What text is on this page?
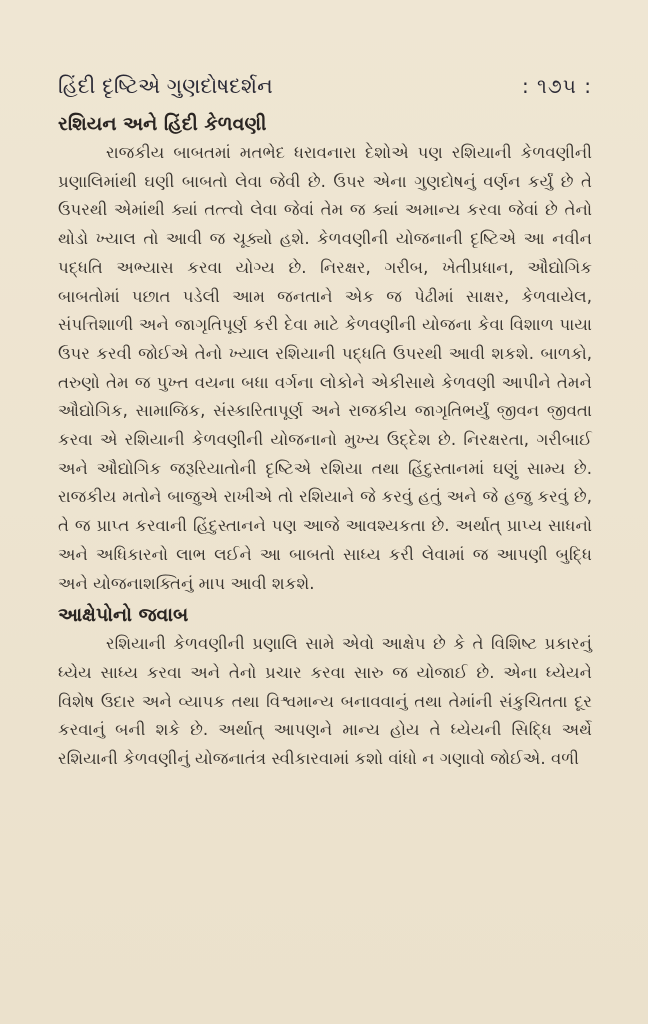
હિંદી દૃષ્ટિએ ગુણદોષદર્શન	: ૧૭૫ :
રશિયન અને હિંદી કેળવણી

રાજકીય બાબતમાં મતભેદ ધરાવનારા દેશોએ પણ રશિયાની કેળવણીની પ્રણાલિમાંથી ઘણી બાબતો લેવા જેવી છે. ઉપર એના ગુણદોષનું વર્ણન કર્યું છે તે ઉપરથી એમાંથી ક્યાં તત્ત્વો લેવા જેવાં તેમ જ ક્યાં અમાન્ય કરવા જેવાં છે તેનો થોડો ખ્યાલ તો આવી જ ચૂક્યો હશે. કેળવણીની યોજનાની દૃષ્ટિએ આ નવીન પદ્ધતિ અભ્યાસ કરવા યોગ્ય છે. નિરક્ષર, ગરીબ, ખેતીપ્રધાન, ઔદ્યોગિક બાબતોમાં પછાત પડેલી આમ જનતાને એક જ પેઢીમાં સાક્ષર, કેળવાયેલ, સંપત્તિશાળી અને જાગૃતિપૂર્ણ કરી દેવા માટે કેળવણીની યોજના કેવા વિશાળ પાયા ઉપર કરવી જોઈએ તેનો ખ્યાલ રશિયાની પદ્ધતિ ઉપરથી આવી શકશે. બાળકો, તરુણો તેમ જ પુખ્ત વયના બધા વર્ગના લોકોને એકીસાથે કેળવણી આપીને તેમને ઔદ્યોગિક, સામાજિક, સંસ્કારિતાપૂર્ણ અને રાજકીય જાગૃતિભર્યું જીવન જીવતા કરવા એ રશિયાની કેળવણીની યોજનાનો મુખ્ય ઉદ્દેશ છે. નિરક્ષરતા, ગરીબાઈ અને ઔદ્યોગિક જરૂરિયાતોની દૃષ્ટિએ રશિયા તથા હિંદુસ્તાનમાં ઘણું સામ્ય છે. રાજકીય મતોને બાજુએ રાખીએ તો રશિયાને જે કરવું હતું અને જે હજુ કરવું છે, તે જ પ્રાપ્ત કરવાની હિંદુસ્તાનને પણ આજે આવશ્યકતા છે. અર્થાત્ પ્રાપ્ય સાધનો અને અધિકારનો લાભ લઈને આ બાબતો સાધ્ય કરી લેવામાં જ આપણી બુદ્ધિ અને યોજનાશક્તિનું માપ આવી શકશે.

આક્ષેપોનો જવાબ

રશિયાની કેળવણીની પ્રણાલિ સામે એવો આક્ષેપ છે કે તે વિશિષ્ટ પ્રકારનું ધ્યેય સાધ્ય કરવા અને તેનો પ્રચાર કરવા સારુ જ યોજાઈ છે. એના ધ્યેયને વિશેષ ઉદાર અને વ્યાપક તથા વિશ્વમાન્ય બનાવવાનું તથા તેમાંની સંકુચિતતા દૂર કરવાનું બની શકે છે. અર્થાત્ આપણને માન્ય હોય તે ધ્યેયની સિદ્ધિ અર્થે રશિયાની કેળવણીનું યોજનાતંત્ર સ્વીકારવામાં કશો વાંધો ન ગણાવો જોઈએ. વળી
